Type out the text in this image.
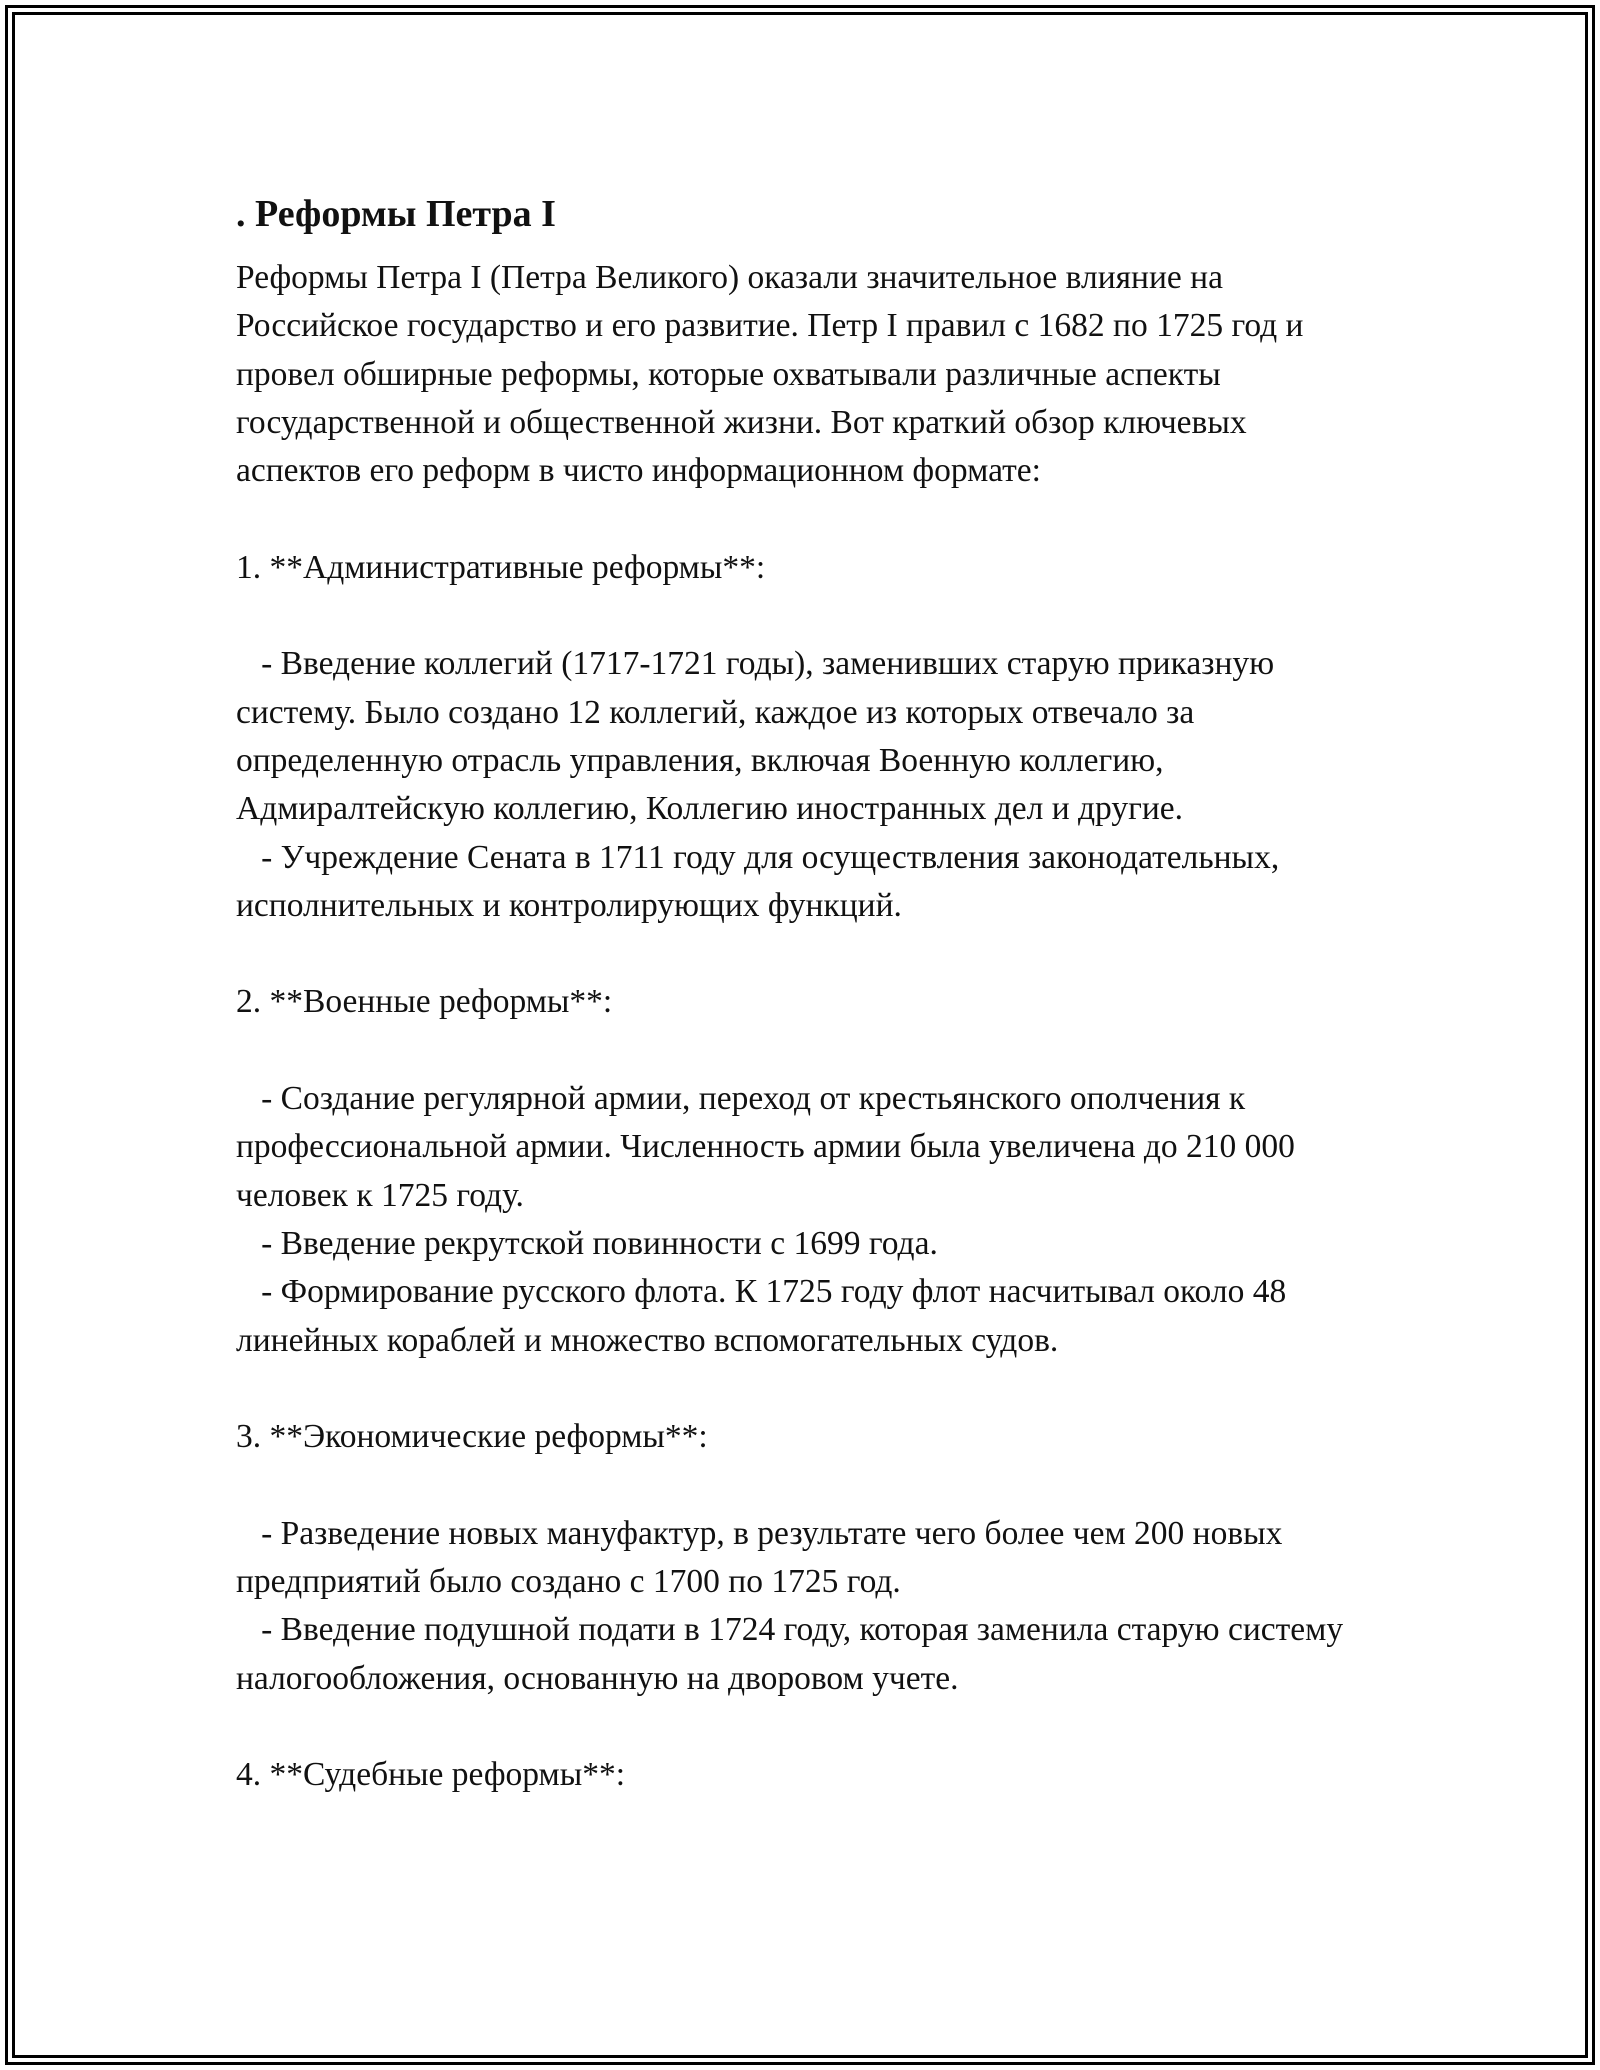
. Реформы Петра I

Реформы Петра I (Петра Великого) оказали значительное влияние на Российское государство и его развитие. Петр I правил с 1682 по 1725 год и провел обширные реформы, которые охватывали различные аспекты государственной и общественной жизни. Вот краткий обзор ключевых аспектов его реформ в чисто информационном формате:

1. **Административные реформы**:

- Введение коллегий (1717-1721 годы), заменивших старую приказную систему. Было создано 12 коллегий, каждое из которых отвечало за определенную отрасль управления, включая Военную коллегию, Адмиралтейскую коллегию, Коллегию иностранных дел и другие.

- Учреждение Сената в 1711 году для осуществления законодательных, исполнительных и контролирующих функций.

2. **Военные реформы**:

- Создание регулярной армии, переход от крестьянского ополчения к профессиональной армии. Численность армии была увеличена до 210 000 человек к 1725 году.

- Введение рекрутской повинности с 1699 года.

- Формирование русского флота. К 1725 году флот насчитывал около 48 линейных кораблей и множество вспомогательных судов.

3. **Экономические реформы**:

- Разведение новых мануфактур, в результате чего более чем 200 новых предприятий было создано с 1700 по 1725 год.

- Введение подушной подати в 1724 году, которая заменила старую систему налогообложения, основанную на дворовом учете.

4. **Судебные реформы**:
